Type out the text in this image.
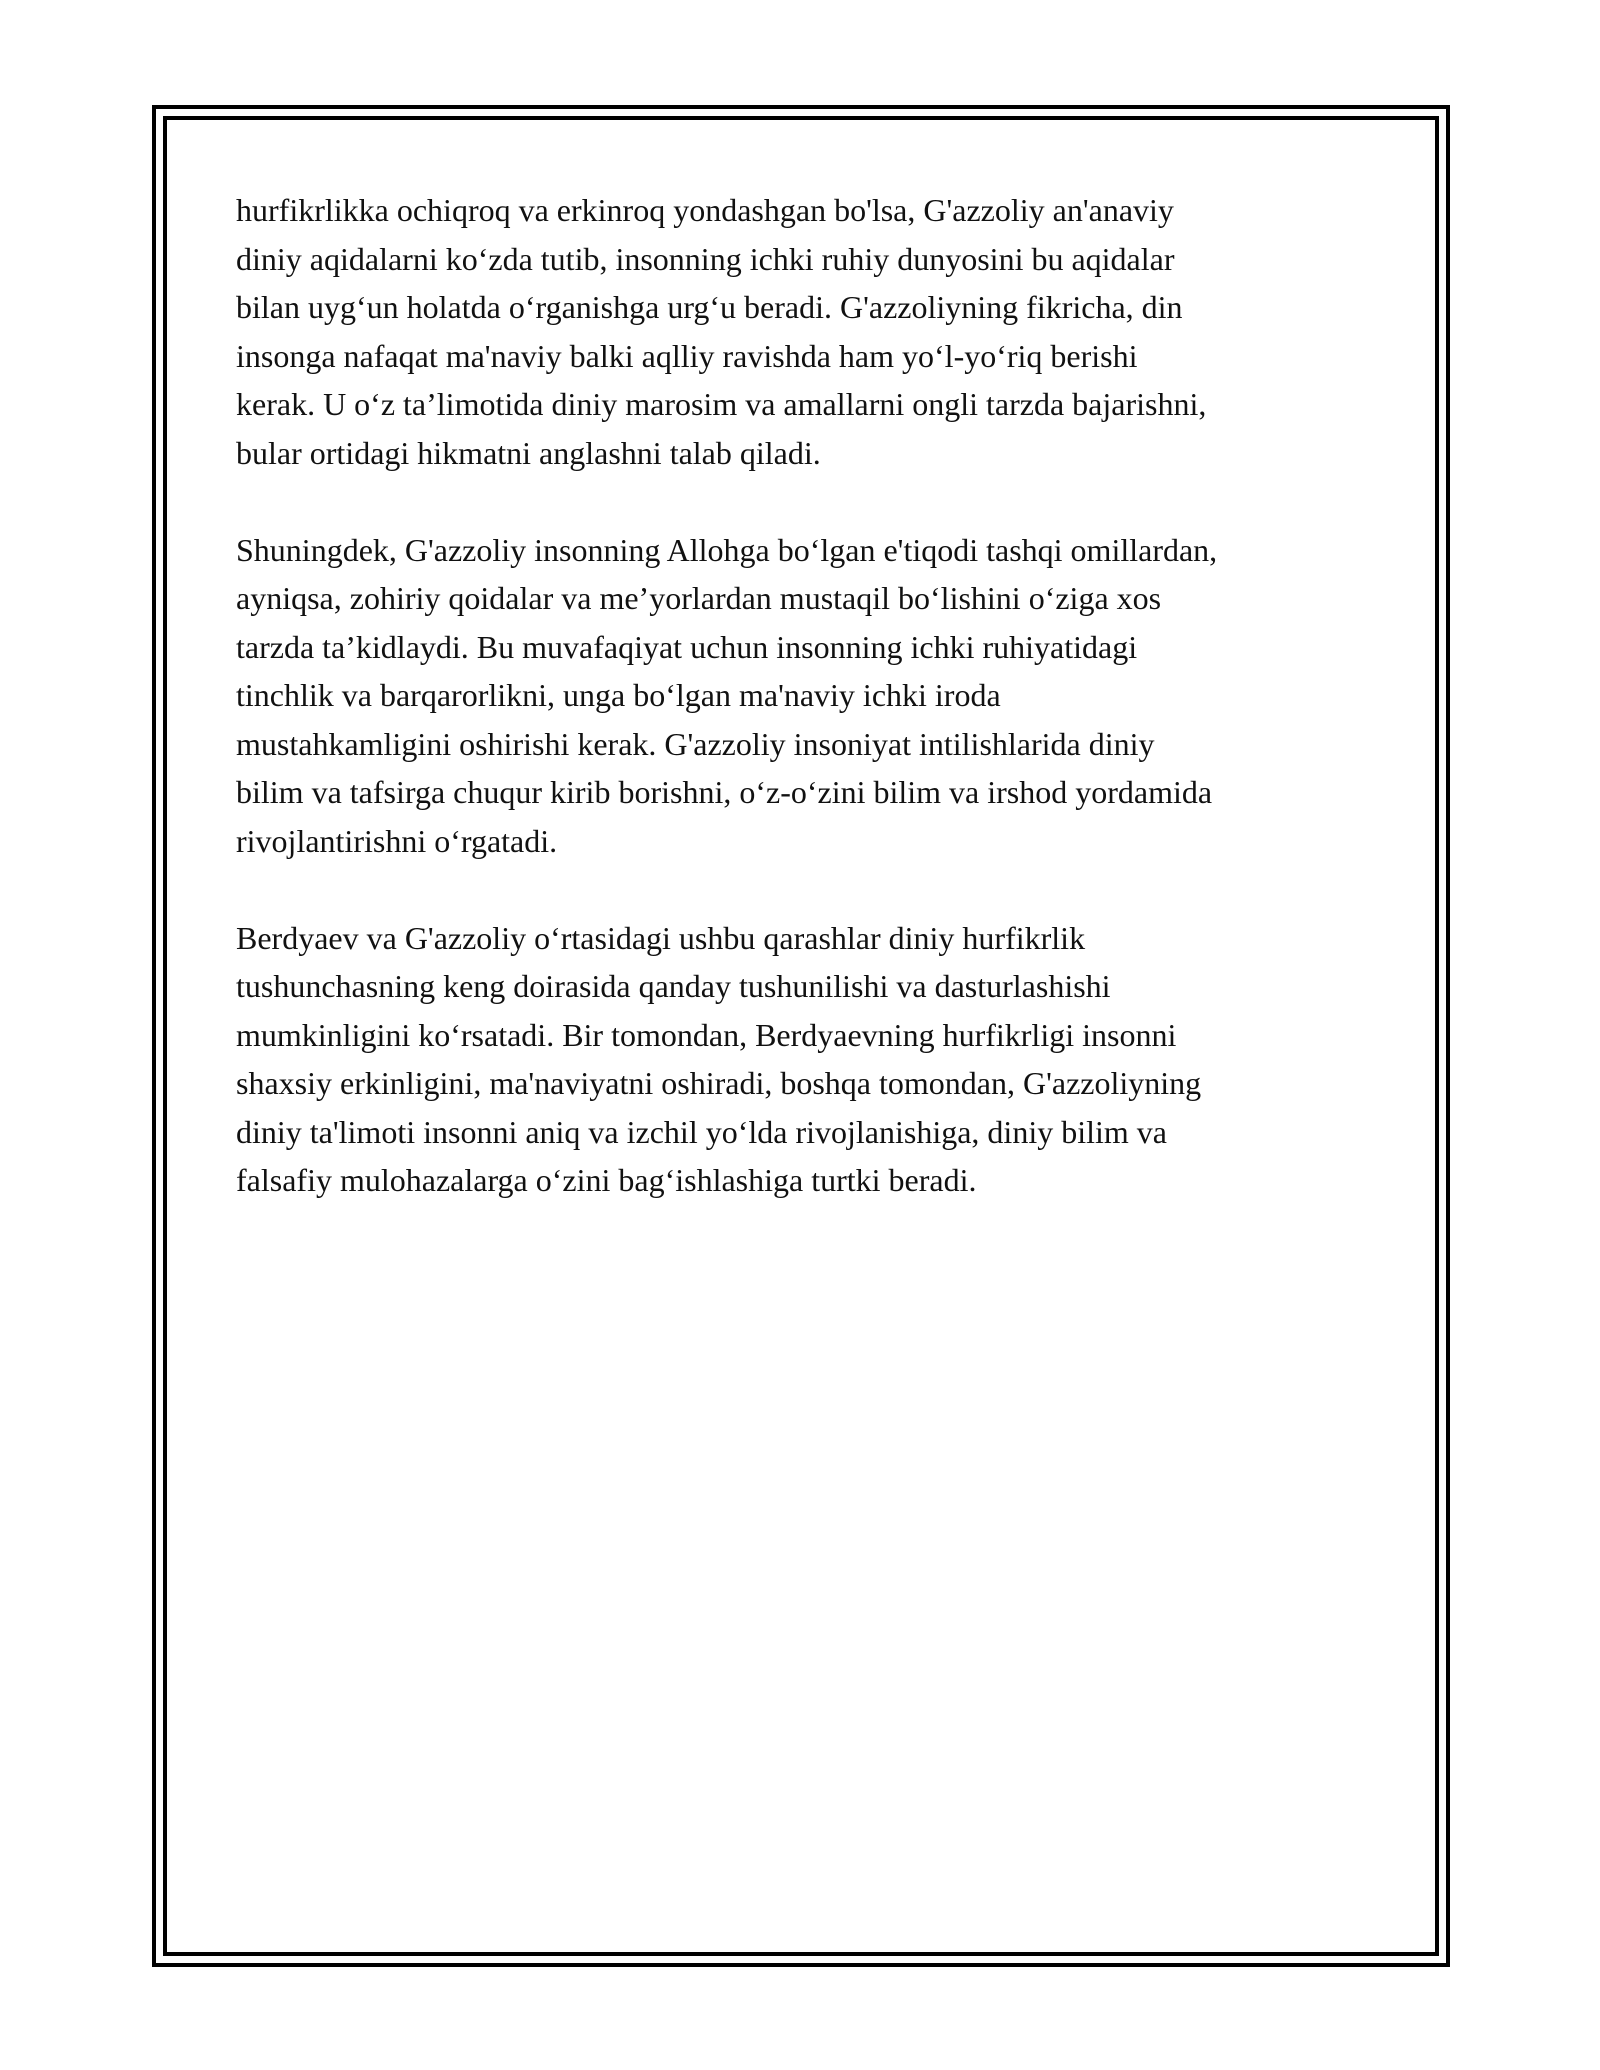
hurfikrlikka ochiqroq va erkinroq yondashgan bo'lsa, G'azzoliy an'anaviy
diniy aqidalarni ko‘zda tutib, insonning ichki ruhiy dunyosini bu aqidalar
bilan uyg‘un holatda o‘rganishga urg‘u beradi. G'azzoliyning fikricha, din
insonga nafaqat ma'naviy balki aqlliy ravishda ham yo‘l-yo‘riq berishi
kerak. U o‘z ta’limotida diniy marosim va amallarni ongli tarzda bajarishni,
bular ortidagi hikmatni anglashni talab qiladi.

Shuningdek, G'azzoliy insonning Allohga bo‘lgan e'tiqodi tashqi omillardan,
ayniqsa, zohiriy qoidalar va me’yorlardan mustaqil bo‘lishini o‘ziga xos
tarzda ta’kidlaydi. Bu muvafaqiyat uchun insonning ichki ruhiyatidagi
tinchlik va barqarorlikni, unga bo‘lgan ma'naviy ichki iroda
mustahkamligini oshirishi kerak. G'azzoliy insoniyat intilishlarida diniy
bilim va tafsirga chuqur kirib borishni, o‘z-o‘zini bilim va irshod yordamida
rivojlantirishni o‘rgatadi.

Berdyaev va G'azzoliy o‘rtasidagi ushbu qarashlar diniy hurfikrlik
tushunchasning keng doirasida qanday tushunilishi va dasturlashishi
mumkinligini ko‘rsatadi. Bir tomondan, Berdyaevning hurfikrligi insonni
shaxsiy erkinligini, ma'naviyatni oshiradi, boshqa tomondan, G'azzoliyning
diniy ta'limoti insonni aniq va izchil yo‘lda rivojlanishiga, diniy bilim va
falsafiy mulohazalarga o‘zini bag‘ishlashiga turtki beradi.
